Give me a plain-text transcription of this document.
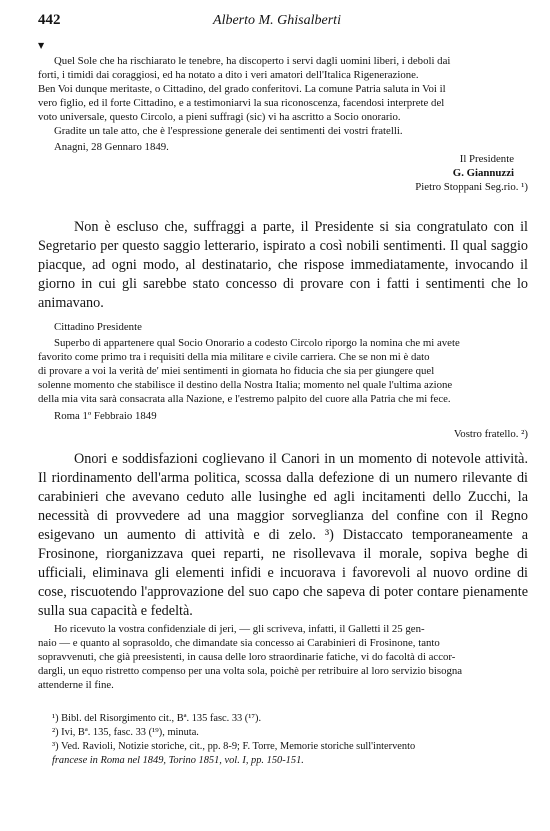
442	Alberto M. Ghisalberti
▼

Quel Sole che ha rischiarato le tenebre, ha discoperto i servi dagli uomini liberi, i deboli dai

forti, i timidi dai coraggiosi, ed ha notato a dito i veri amatori dell'Italica Rigenerazione.

Ben Voi dunque meritaste, o Cittadino, del grado conferitovi. La comune Patria saluta in Voi il

vero figlio, ed il forte Cittadino, e a testimoniarvi la sua riconoscenza, facendosi interprete del

voto universale, questo Circolo, a pieni suffragi (sic) vi ha ascritto a Socio onorario.

Gradite un tale atto, che è l'espressione generale dei sentimenti dei vostri fratelli.

Anagni, 28 Gennaro 1849.

Il Presidente

G. Giannuzzi

Pietro Stoppani Seg.rio. ¹)

Non è escluso che, suffraggi a parte, il Presidente si sia congratulato con il Segretario per questo saggio letterario, ispirato a così nobili sentimenti. Il qual saggio piacque, ad ogni modo, al destinatario, che rispose immediatamente, invocando il giorno in cui gli sarebbe stato concesso di provare con i fatti i sentimenti che lo animavano.

Cittadino Presidente

Superbo di appartenere qual Socio Onorario a codesto Circolo riporgo la nomina che mi avete

favorito come primo tra i requisiti della mia militare e civile carriera. Che se non mi è dato

di provare a voi la verità de' miei sentimenti in giornata ho fiducia che sia per giungere quel

solenne momento che stabilisce il destino della Nostra Italia; momento nel quale l'ultima azione

della mia vita sarà consacrata alla Nazione, e l'estremo palpito del cuore alla Patria che mi fece.

Roma 1º Febbraio 1849

Vostro fratello. ²)

Onori e soddisfazioni coglievano il Canori in un momento di notevole attività. Il riordinamento dell'arma politica, scossa dalla defezione di un numero rilevante di carabinieri che avevano ceduto alle lusinghe ed agli incitamenti dello Zucchi, la necessità di provvedere ad una maggior sorveglianza del confine con il Regno esigevano un aumento di attività e di zelo. ³) Distaccato temporaneamente a Frosinone, riorganizzava quei reparti, ne risollevava il morale, sopiva beghe di ufficiali, eliminava gli elementi infidi e incuorava i favorevoli al nuovo ordine di cose, riscuotendo l'approvazione del suo capo che sapeva di poter contare pienamente sulla sua capacità e fedeltà.

Ho ricevuto la vostra confidenziale di jeri, — gli scriveva, infatti, il Galletti il 25 gen-

naio — e quanto al soprasoldo, che dimandate sia concesso ai Carabinieri di Frosinone, tanto

sopravvenuti, che già preesistenti, in causa delle loro straordinarie fatiche, vi do facoltà di accor-

dargli, un equo ristretto compenso per una volta sola, poichè per retribuire al loro servizio bisogna

attenderne il fine.

¹) Bibl. del Risorgimento cit., Bª. 135 fasc. 33 (¹⁷).

²) Ivi, Bª. 135, fasc. 33 (¹⁹), minuta.

³) Ved. Ravioli, Notizie storiche, cit., pp. 8-9; F. Torre, Memorie storiche sull'intervento

francese in Roma nel 1849, Torino 1851, vol. I, pp. 150-151.
